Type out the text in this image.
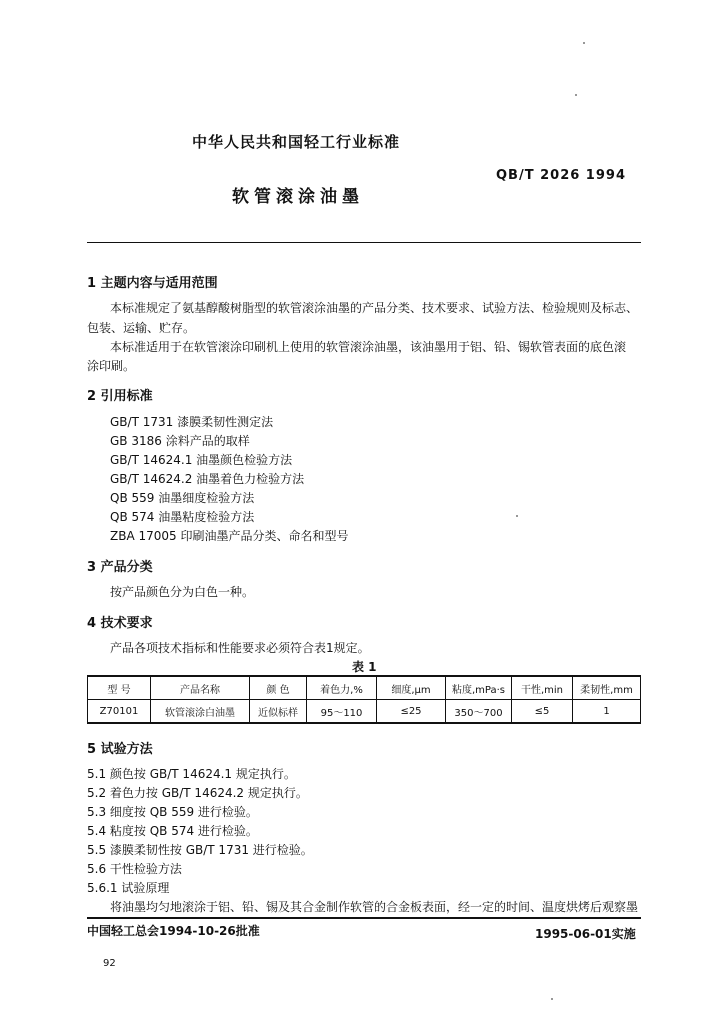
中华人民共和国轻工行业标准
QB/T 2026 1994
软管滚涂油墨
1 主题内容与适用范围
本标准规定了氨基醇酸树脂型的软管滚涂油墨的产品分类、技术要求、试验方法、检验规则及标志、
包装、运输、贮存。
本标准适用于在软管滚涂印刷机上使用的软管滚涂油墨，该油墨用于铝、铅、锡软管表面的底色滚
涂印刷。
2 引用标准
GB/T 1731 漆膜柔韧性测定法
GB 3186 涂料产品的取样
GB/T 14624.1 油墨颜色检验方法
GB/T 14624.2 油墨着色力检验方法
QB 559 油墨细度检验方法
QB 574 油墨粘度检验方法
ZBA 17005 印刷油墨产品分类、命名和型号
3 产品分类
按产品颜色分为白色一种。
4 技术要求
产品各项技术指标和性能要求必须符合表1规定。
表 1
型 号	产品名称	颜 色	着色力,%	细度,μm	粘度,mPa·s	干性,min	柔韧性,mm
Z70101	软管滚涂白油墨	近似标样	95～110	≤25	350～700	≤5	1
5 试验方法
5.1 颜色按 GB/T 14624.1 规定执行。
5.2 着色力按 GB/T 14624.2 规定执行。
5.3 细度按 QB 559 进行检验。
5.4 粘度按 QB 574 进行检验。
5.5 漆膜柔韧性按 GB/T 1731 进行检验。
5.6 干性检验方法
5.6.1 试验原理
将油墨均匀地滚涂于铝、铅、锡及其合金制作软管的合金板表面，经一定的时间、温度烘烤后观察墨
中国轻工总会1994-10-26批准	1995-06-01实施
92
